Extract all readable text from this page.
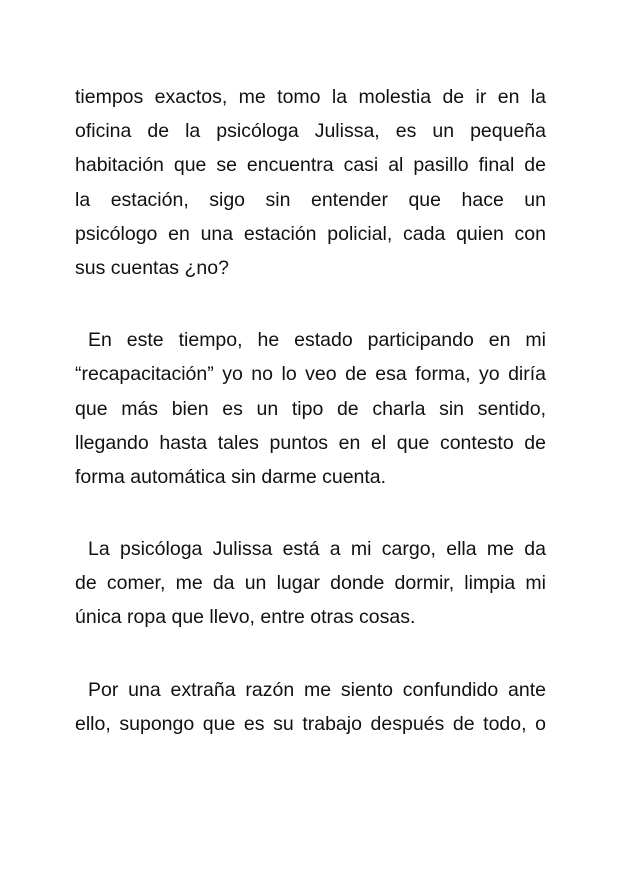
tiempos exactos, me tomo la molestia de ir en la
oficina de la psicóloga Julissa, es un pequeña
habitación que se encuentra casi al pasillo final de
la estación, sigo sin entender que hace un
psicólogo en una estación policial, cada quien con
sus cuentas ¿no?
En este tiempo, he estado participando en mi
“recapacitación” yo no lo veo de esa forma, yo diría
que más bien es un tipo de charla sin sentido,
llegando hasta tales puntos en el que contesto de
forma automática sin darme cuenta.
La psicóloga Julissa está a mi cargo, ella me da
de comer, me da un lugar donde dormir, limpia mi
única ropa que llevo, entre otras cosas.
Por una extraña razón me siento confundido ante
ello, supongo que es su trabajo después de todo, o
